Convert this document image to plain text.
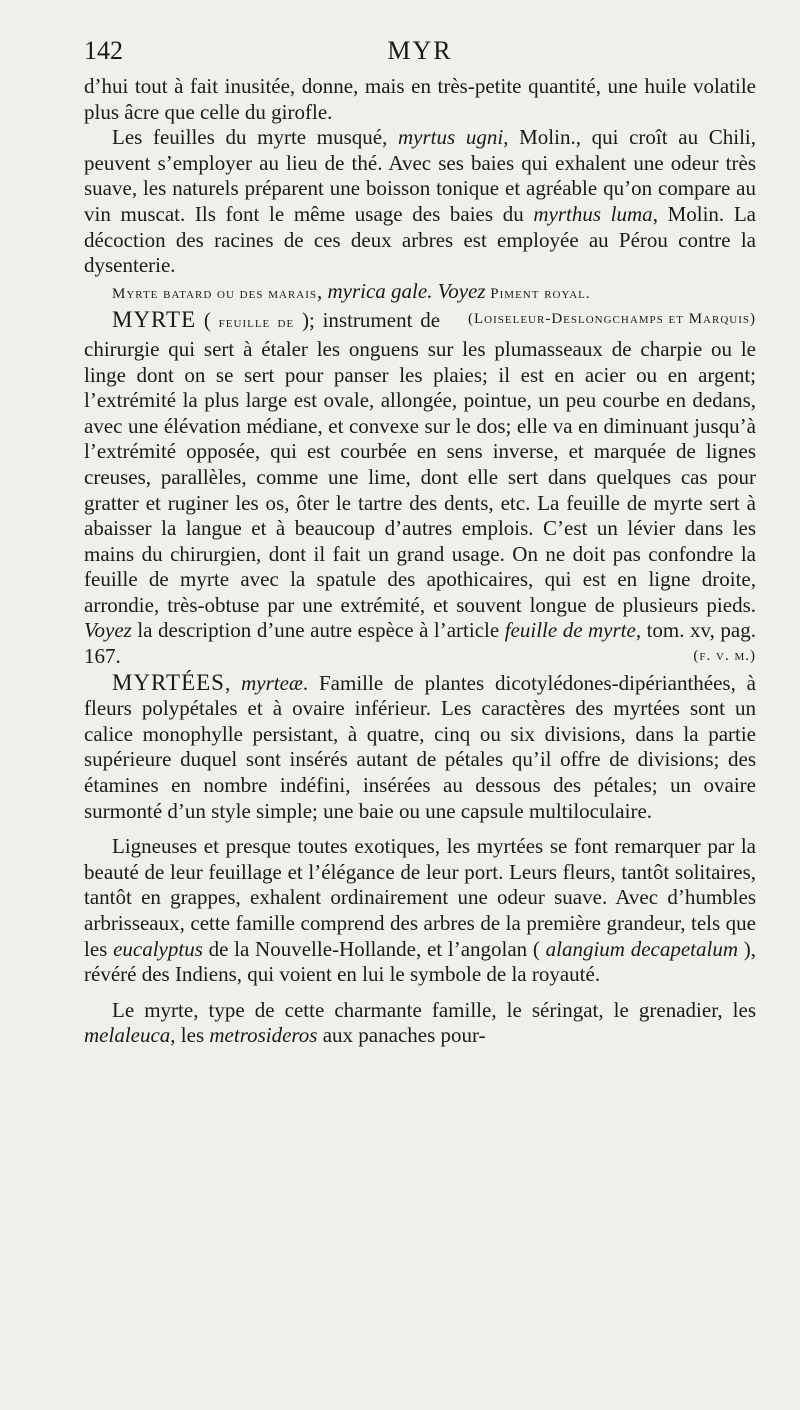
142	MYR

d’hui tout à fait inusitée, donne, mais en très-petite quantité, une huile volatile plus âcre que celle du girofle.

Les feuilles du myrte musqué, myrtus ugni, Molin., qui croît au Chili, peuvent s’employer au lieu de thé. Avec ses baies qui exhalent une odeur très suave, les naturels préparent une boisson tonique et agréable qu’on compare au vin muscat. Ils font le même usage des baies du myrthus luma, Molin. La décoction des racines de ces deux arbres est employée au Pérou contre la dysenterie.

Myrte batard ou des marais, myrica gale. Voyez Piment royal.
(Loiseleur-Deslongchamps et Marquis)

MYRTE ( feuille de ); instrument de chirurgie qui sert à étaler les onguens sur les plumasseaux de charpie ou le linge dont on se sert pour panser les plaies; il est en acier ou en argent; l’extrémité la plus large est ovale, allongée, pointue, un peu courbe en dedans, avec une élévation médiane, et convexe sur le dos; elle va en diminuant jusqu’à l’extrémité opposée, qui est courbée en sens inverse, et marquée de lignes creuses, parallèles, comme une lime, dont elle sert dans quelques cas pour gratter et ruginer les os, ôter le tartre des dents, etc. La feuille de myrte sert à abaisser la langue et à beaucoup d’autres emplois. C’est un lévier dans les mains du chirurgien, dont il fait un grand usage. On ne doit pas confondre la feuille de myrte avec la spatule des apothicaires, qui est en ligne droite, arrondie, très-obtuse par une extrémité, et souvent longue de plusieurs pieds. Voyez la description d’une autre espèce à l’article feuille de myrte, tom. xv, pag. 167.	(f. v. m.)

MYRTÉES, myrteæ. Famille de plantes dicotylédones-dipérianthées, à fleurs polypétales et à ovaire inférieur. Les caractères des myrtées sont un calice monophylle persistant, à quatre, cinq ou six divisions, dans la partie supérieure duquel sont insérés autant de pétales qu’il offre de divisions; des étamines en nombre indéfini, insérées au dessous des pétales; un ovaire surmonté d’un style simple; une baie ou une capsule multiloculaire.

Ligneuses et presque toutes exotiques, les myrtées se font remarquer par la beauté de leur feuillage et l’élégance de leur port. Leurs fleurs, tantôt solitaires, tantôt en grappes, exhalent ordinairement une odeur suave. Avec d’humbles arbrisseaux, cette famille comprend des arbres de la première grandeur, tels que les eucalyptus de la Nouvelle-Hollande, et l’angolan ( alangium decapetalum ), révéré des Indiens, qui voient en lui le symbole de la royauté.

Le myrte, type de cette charmante famille, le séringat, le grenadier, les melaleuca, les metrosideros aux panaches pour-
